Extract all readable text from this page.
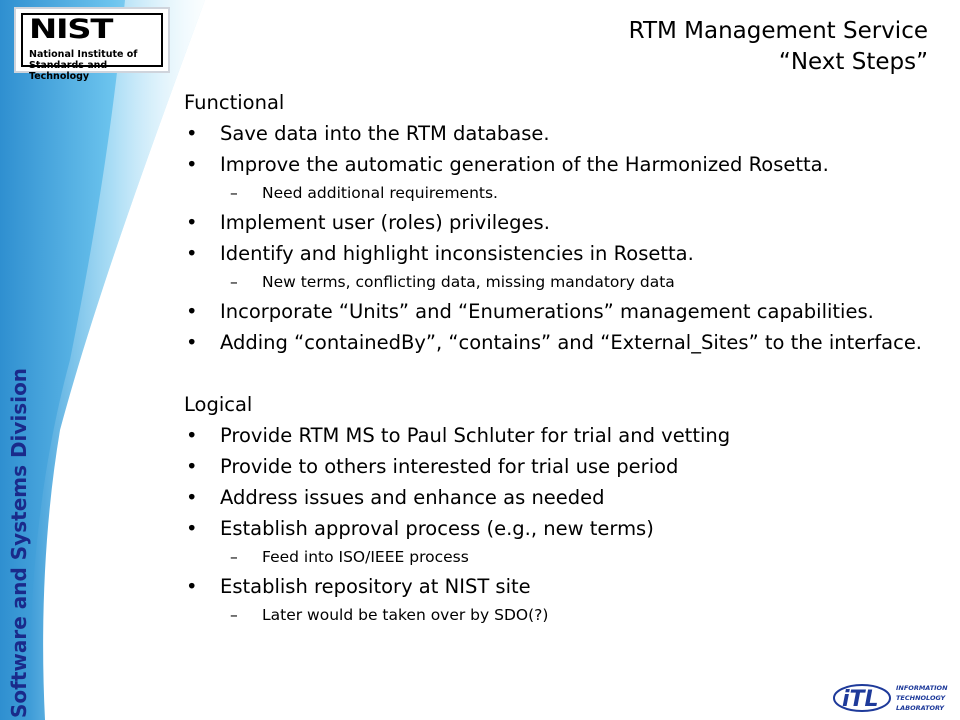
NIST
National Institute of Standards and Technology
Software and Systems Division
RTM Management Service
“Next Steps”
Functional
• Save data into the RTM database.
• Improve the automatic generation of the Harmonized Rosetta.
– Need additional requirements.
• Implement user (roles) privileges.
• Identify and highlight inconsistencies in Rosetta.
– New terms, conflicting data, missing mandatory data
• Incorporate “Units” and “Enumerations” management capabilities.
• Adding “containedBy”, “contains” and “External_Sites” to the interface.
Logical
• Provide RTM MS to Paul Schluter for trial and vetting
• Provide to others interested for trial use period
• Address issues and enhance as needed
• Establish approval process (e.g., new terms)
– Feed into ISO/IEEE process
• Establish repository at NIST site
– Later would be taken over by SDO(?)
iTL	INFORMATION
TECHNOLOGY
LABORATORY
